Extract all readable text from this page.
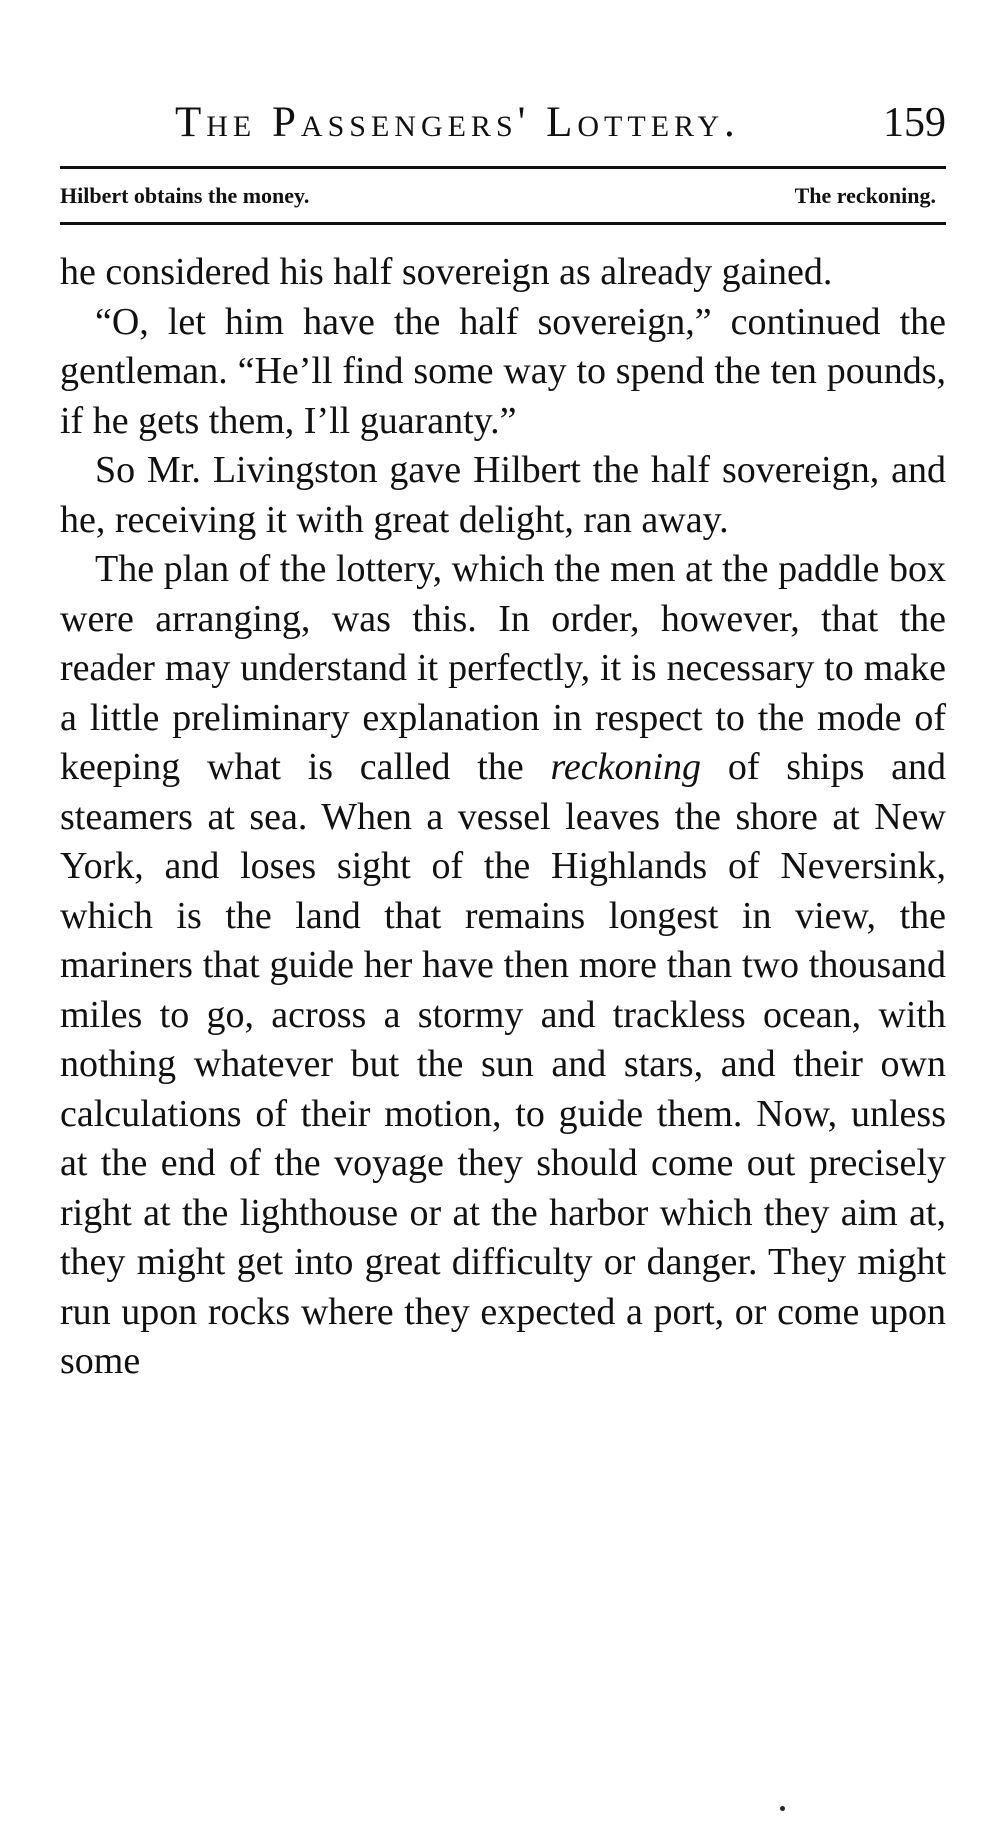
The Passengers' Lottery.	159
Hilbert obtains the money.	The reckoning.

he considered his half sovereign as already gained.

“O, let him have the half sovereign,” continued the gentleman. “He’ll find some way to spend the ten pounds, if he gets them, I’ll guaranty.”

So Mr. Livingston gave Hilbert the half sovereign, and he, receiving it with great delight, ran away.

The plan of the lottery, which the men at the paddle box were arranging, was this. In order, however, that the reader may understand it perfectly, it is necessary to make a little preliminary explanation in respect to the mode of keeping what is called the reckoning of ships and steamers at sea. When a vessel leaves the shore at New York, and loses sight of the Highlands of Neversink, which is the land that remains longest in view, the mariners that guide her have then more than two thousand miles to go, across a stormy and trackless ocean, with nothing whatever but the sun and stars, and their own calculations of their motion, to guide them. Now, unless at the end of the voyage they should come out precisely right at the lighthouse or at the harbor which they aim at, they might get into great difficulty or danger. They might run upon rocks where they expected a port, or come upon some
